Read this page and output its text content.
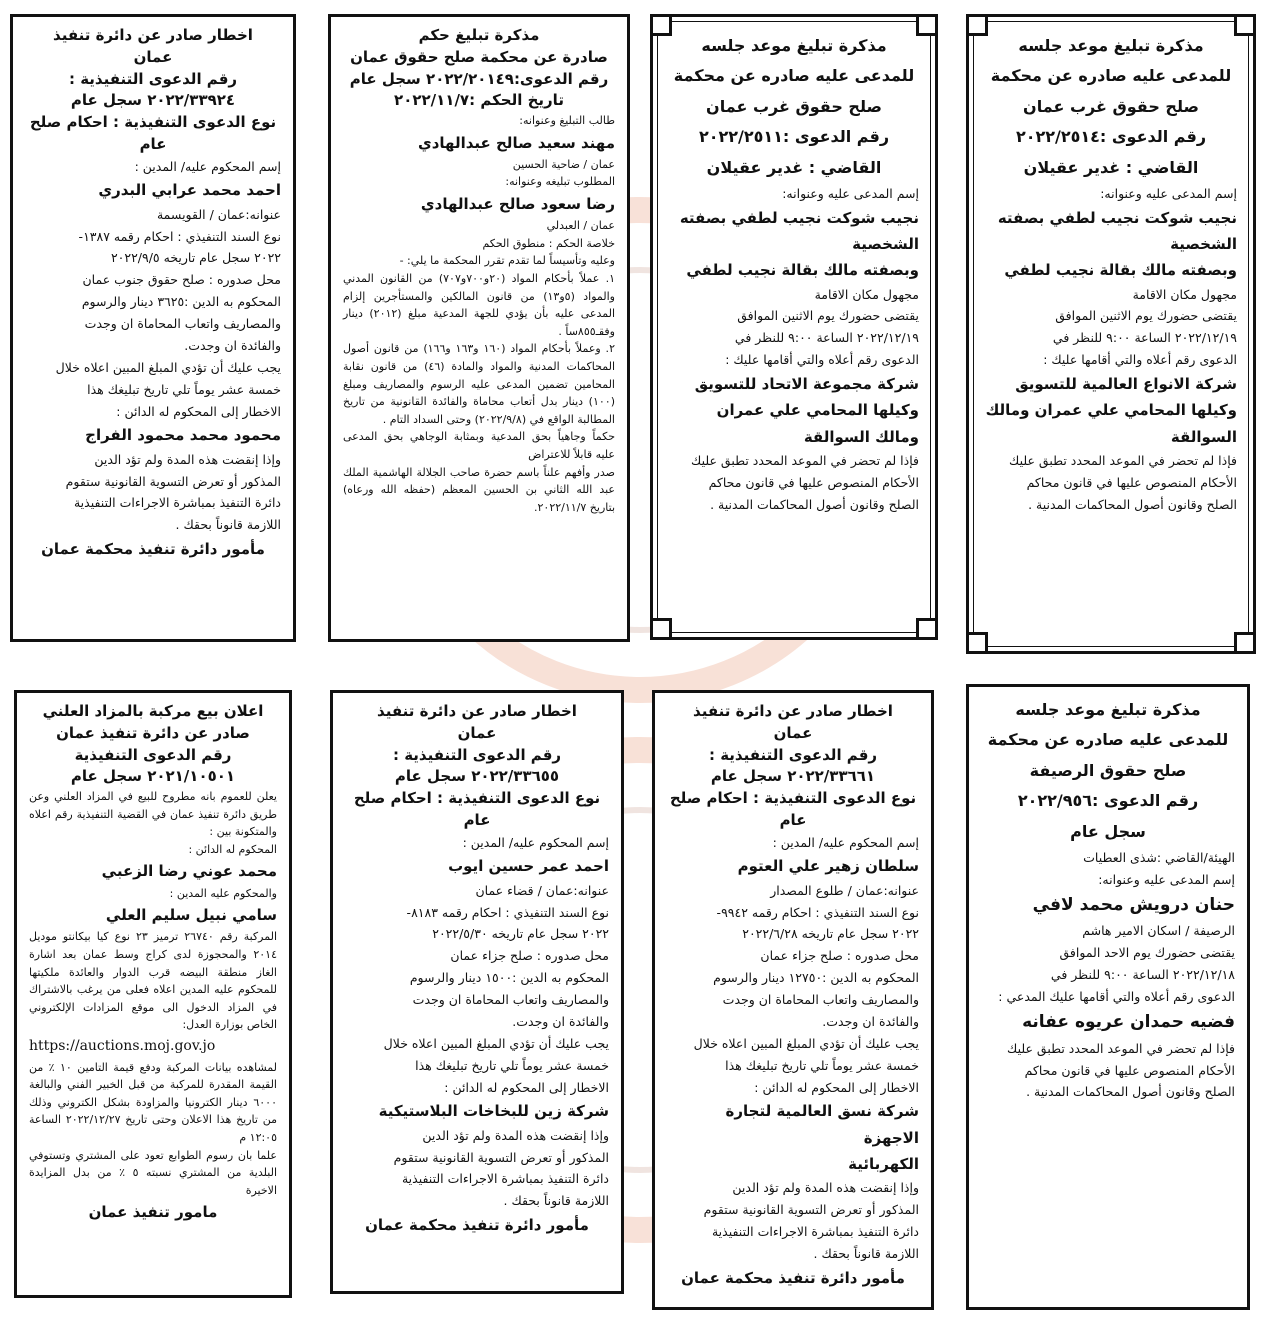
مذكرة تبليغ موعد جلسه
للمدعى عليه صادره عن محكمة
صلح حقوق غرب عمان
رقم الدعوى :٢٠٢٢/٢٥١٤
القاضي : غدير عقيلان
إسم المدعى عليه وعنوانه:
نجيب شوكت نجيب لطفي بصفته الشخصية
وبصفته مالك بقالة نجيب لطفي
مجهول مكان الاقامة
يقتضى حضورك يوم الاثنين الموافق
٢٠٢٢/١٢/١٩ الساعة ٩:٠٠ للنظر في
الدعوى رقم أعلاه والتي أقامها عليك :
شركة الانواع العالمية للتسويق
وكيلها المحامي علي عمران ومالك السوالقة
فإذا لم تحضر في الموعد المحدد تطبق عليك
الأحكام المنصوص عليها في قانون محاكم
الصلح وقانون أصول المحاكمات المدنية .
مذكرة تبليغ موعد جلسه
للمدعى عليه صادره عن محكمة
صلح حقوق غرب عمان
رقم الدعوى :٢٠٢٢/٢٥١١
القاضي : غدير عقيلان
إسم المدعى عليه وعنوانه:
نجيب شوكت نجيب لطفي بصفته الشخصية
وبصفته مالك بقالة نجيب لطفي
مجهول مكان الاقامة
يقتضى حضورك يوم الاثنين الموافق
٢٠٢٢/١٢/١٩ الساعة ٩:٠٠ للنظر في
الدعوى رقم أعلاه والتي أقامها عليك :
شركة مجموعة الاتحاد للتسويق
وكيلها المحامي علي عمران ومالك السوالقة
فإذا لم تحضر في الموعد المحدد تطبق عليك
الأحكام المنصوص عليها في قانون محاكم
الصلح وقانون أصول المحاكمات المدنية .
مذكرة تبليغ حكم
صادرة عن محكمة صلح حقوق عمان
رقم الدعوى:٢٠٢٢/٢٠١٤٩ سجل عام
تاريخ الحكم :٢٠٢٢/١١/٧
طالب التبليغ وعنوانه:
مهند سعيد صالح عبدالهادي
عمان / ضاحية الحسين
المطلوب تبليغه وعنوانه:
رضا سعود صالح عبدالهادي
عمان / العبدلي
خلاصة الحكم : منطوق الحكم
وعليه وتأسيساً لما تقدم تقرر المحكمة ما يلي: -
١. عملاً بأحكام المواد (٢٠و٧٠٠و٧٠٧) من القانون المدني والمواد (٥و١٣) من قانون المالكين والمستأجرين إلزام المدعى عليه بأن يؤدي للجهة المدعية مبلغ (٢٠١٢) دينار وفقـ٨٥٥ساً .
٢. وعملاً بأحكام المواد (١٦٠ و١٦٣ و١٦٦) من قانون أصول المحاكمات المدنية والمواد والمادة (٤٦) من قانون نقابة المحامين تضمين المدعى عليه الرسوم والمصاريف ومبلغ (١٠٠) دينار بدل أتعاب محاماة والفائدة القانونية من تاريخ المطالبة الواقع في (٢٠٢٢/٩/٨) وحتى السداد التام .
حكماً وجاهياً بحق المدعية وبمثابة الوجاهي بحق المدعى عليه قابلاً للاعتراض
صدر وأفهم علناً باسم حضرة صاحب الجلالة الهاشمية الملك عبد الله الثاني بن الحسين المعظم (حفظه الله ورعاه) بتاريخ ٢٠٢٢/١١/٧.
اخطار صادر عن دائرة تنفيذ
عمان
رقم الدعوى التنفيذية :
٢٠٢٢/٣٣٩٢٤ سجل عام
نوع الدعوى التنفيذية : احكام صلح عام
إسم المحكوم عليه/ المدين :
احمد محمد عرابي البدري
عنوانه:عمان / القويسمة
نوع السند التنفيذي : احكام رقمه ١٣٨٧-
٢٠٢٢ سجل عام تاريخه ٢٠٢٢/٩/٥
محل صدوره : صلح حقوق جنوب عمان
المحكوم به الدين :٣٦٢٥ دينار والرسوم
والمصاريف واتعاب المحاماة ان وجدت
والفائدة ان وجدت.
يجب عليك أن تؤدي المبلغ المبين اعلاه خلال
خمسة عشر يوماً تلي تاريخ تبليغك هذا
الاخطار إلى المحكوم له الدائن :
محمود محمد محمود الفراج
وإذا إنقضت هذه المدة ولم تؤد الدين
المذكور أو تعرض التسوية القانونية ستقوم
دائرة التنفيذ بمباشرة الاجراءات التنفيذية
اللازمة قانوناً بحقك .
مأمور دائرة تنفيذ محكمة عمان
مذكرة تبليغ موعد جلسه
للمدعى عليه صادره عن محكمة
صلح حقوق الرصيفة
رقم الدعوى :٢٠٢٢/٩٥٦
سجل عام
الهيئة/القاضي :شذى العطيات
إسم المدعى عليه وعنوانه:
حنان درويش محمد لافي
الرصيفة / اسكان الامير هاشم
يقتضى حضورك يوم الاحد الموافق
٢٠٢٢/١٢/١٨ الساعة ٩:٠٠ للنظر في
الدعوى رقم أعلاه والتي أقامها عليك المدعي :
فضيه حمدان عريوه عفانه
فإذا لم تحضر في الموعد المحدد تطبق عليك
الأحكام المنصوص عليها في قانون محاكم
الصلح وقانون أصول المحاكمات المدنية .
اخطار صادر عن دائرة تنفيذ
عمان
رقم الدعوى التنفيذية :
٢٠٢٢/٣٣٦٦١ سجل عام
نوع الدعوى التنفيذية : احكام صلح عام
إسم المحكوم عليه/ المدين :
سلطان زهير علي العتوم
عنوانه:عمان / طلوع المصدار
نوع السند التنفيذي : احكام رقمه ٩٩٤٢-
٢٠٢٢ سجل عام تاريخه ٢٠٢٢/٦/٢٨
محل صدوره : صلح جزاء عمان
المحكوم به الدين :١٢٧٥٠ دينار والرسوم
والمصاريف واتعاب المحاماة ان وجدت
والفائدة ان وجدت.
يجب عليك أن تؤدي المبلغ المبين اعلاه خلال
خمسة عشر يوماً تلي تاريخ تبليغك هذا
الاخطار إلى المحكوم له الدائن :
شركة نسق العالمية لتجارة الاجهزة
الكهربائية
وإذا إنقضت هذه المدة ولم تؤد الدين
المذكور أو تعرض التسوية القانونية ستقوم
دائرة التنفيذ بمباشرة الاجراءات التنفيذية
اللازمة قانوناً بحقك .
مأمور دائرة تنفيذ محكمة عمان
اخطار صادر عن دائرة تنفيذ
عمان
رقم الدعوى التنفيذية :
٢٠٢٢/٣٣٦٥٥ سجل عام
نوع الدعوى التنفيذية : احكام صلح عام
إسم المحكوم عليه/ المدين :
احمد عمر حسين ايوب
عنوانه:عمان / قضاء عمان
نوع السند التنفيذي : احكام رقمه ٨١٨٣-
٢٠٢٢ سجل عام تاريخه ٢٠٢٢/٥/٣٠
محل صدوره : صلح جزاء عمان
المحكوم به الدين :١٥٠٠ دينار والرسوم
والمصاريف واتعاب المحاماة ان وجدت
والفائدة ان وجدت.
يجب عليك أن تؤدي المبلغ المبين اعلاه خلال
خمسة عشر يوماً تلي تاريخ تبليغك هذا
الاخطار إلى المحكوم له الدائن :
شركة زين للبخاخات البلاستيكية
وإذا إنقضت هذه المدة ولم تؤد الدين
المذكور أو تعرض التسوية القانونية ستقوم
دائرة التنفيذ بمباشرة الاجراءات التنفيذية
اللازمة قانوناً بحقك .
مأمور دائرة تنفيذ محكمة عمان
اعلان بيع مركبة بالمزاد العلني
صادر عن دائرة تنفيذ عمان
رقم الدعوى التنفيذية
٢٠٢١/١٠٥٠١ سجل عام
يعلن للعموم بانه مطروح للبيع في المزاد العلني وعن طريق دائرة تنفيذ عمان في القضية التنفيذية رقم اعلاه والمتكونة بين :
المحكوم له الدائن :
محمد عوني رضا الزعبي
والمحكوم عليه المدين :
سامي نبيل سليم العلي
المركبة رقم ٢٦٧٤٠ ترميز ٢٣ نوع كيا بيكانتو موديل ٢٠١٤ والمحجوزة لدى كراج وسط عمان بعد اشارة الغاز منطقة البيضه قرب الدوار والعائدة ملكيتها للمحكوم عليه المدين اعلاه فعلى من يرغب بالاشتراك في المزاد الدخول الى موقع المزادات الإلكتروني الخاص بوزارة العدل:
https://auctions.moj.gov.jo
لمشاهده بيانات المركبة ودفع قيمة التامين ١٠ ٪ من القيمة المقدرة للمركبة من قبل الخبير الفني والبالغة ٦٠٠٠ دينار الكترونيا والمزاودة بشكل الكتروني وذلك من تاريخ هذا الاعلان وحتى تاريخ ٢٠٢٢/١٢/٢٧ الساعة ١٢:٠٥ م
علما بان رسوم الطوابع تعود على المشتري وتستوفي البلدية من المشتري نسبته ٥ ٪ من بدل المزايدة الاخيرة
مامور تنفيذ عمان
